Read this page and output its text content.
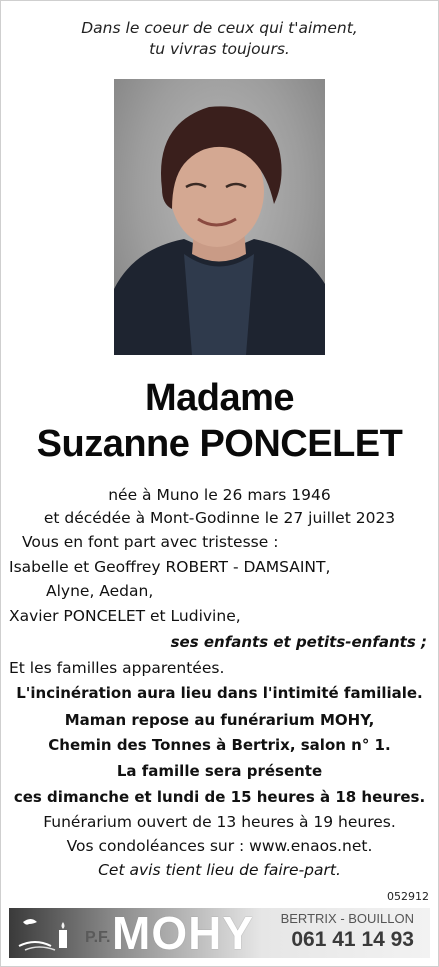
Dans le coeur de ceux qui t'aiment,
tu vivras toujours.
Madame
Suzanne PONCELET
née à Muno le 26 mars 1946
et décédée à Mont-Godinne le 27 juillet 2023
Vous en font part avec tristesse :
Isabelle et Geoffrey ROBERT - DAMSAINT,
Alyne, Aedan,
Xavier PONCELET et Ludivine,
ses enfants et petits-enfants ;
Et les familles apparentées.
L'incinération aura lieu dans l'intimité familiale.
Maman repose au funérarium MOHY,
Chemin des Tonnes à Bertrix, salon n° 1.
La famille sera présente
ces dimanche et lundi de 15 heures à 18 heures.
Funérarium ouvert de 13 heures à 19 heures.
Vos condoléances sur : www.enaos.net.
Cet avis tient lieu de faire-part.
052912
P.F. MOHY BERTRIX - BOUILLON
061 41 14 93
